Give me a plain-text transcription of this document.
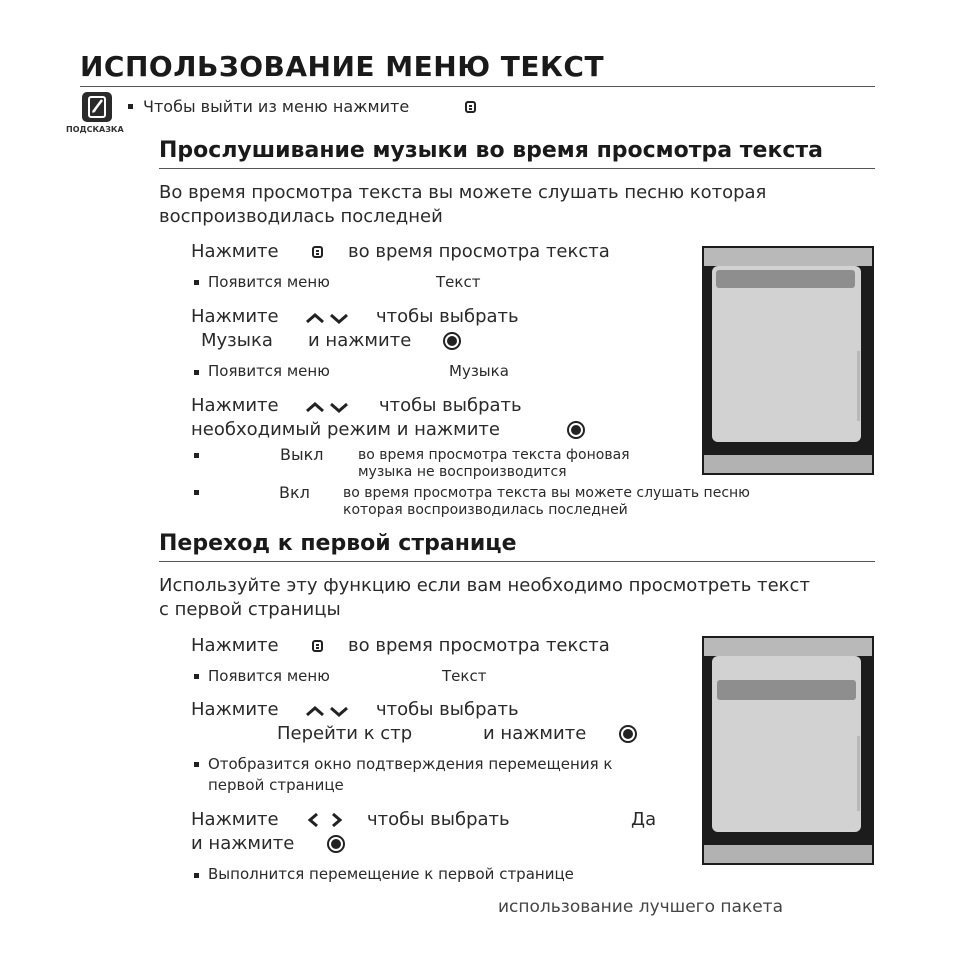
ИСПОЛЬЗОВАНИЕ МЕНЮ ТЕКСТ
ПОДСКАЗКА
Чтобы выйти из меню нажмите
Прослушивание музыки во время просмотра текста
Во время просмотра текста вы можете слушать песню которая
воспроизводилась последней
Нажмите	во время просмотра текста
Появится меню	Текст
Нажмите	чтобы выбрать
Музыка и нажмите
Появится меню	Музыка
Нажмите	чтобы выбрать
необходимый режим и нажмите
Выкл во время просмотра текста фоновая
музыка не воспроизводится
Вкл во время просмотра текста вы можете слушать песню
которая воспроизводилась последней
Переход к первой странице
Используйте эту функцию если вам необходимо просмотреть текст
с первой страницы
Нажмите	во время просмотра текста
Появится меню	Текст
Нажмите	чтобы выбрать
Перейти к стр	и нажмите
Отобразится окно подтверждения перемещения к
первой странице
Нажмите	чтобы выбрать	Да
и нажмите
Выполнится перемещение к первой странице
использование лучшего пакета
